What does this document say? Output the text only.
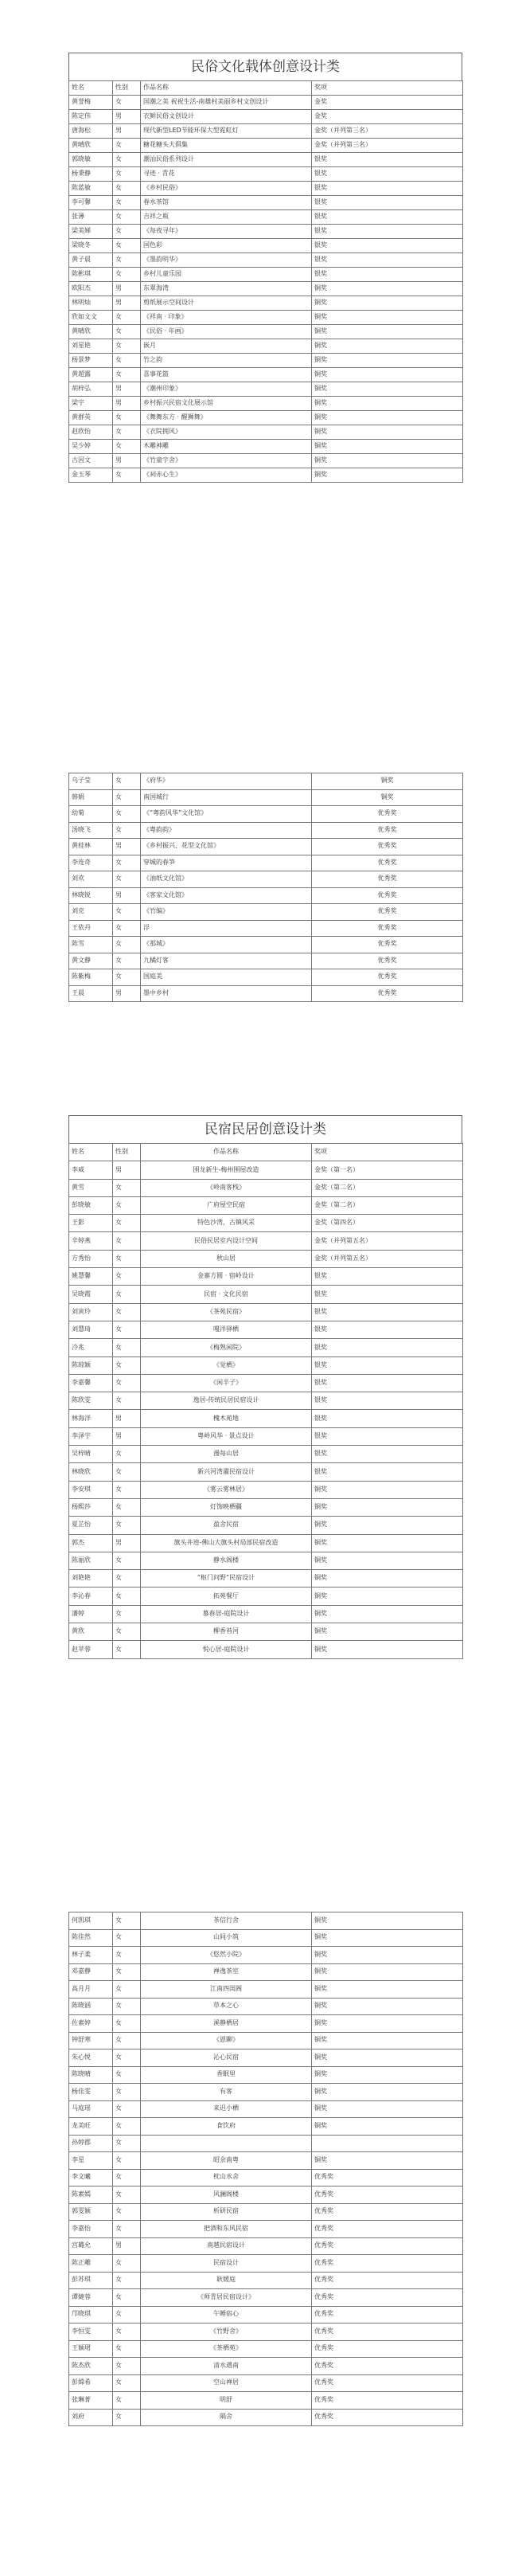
民俗文化载体创意设计类
姓名	性别	作品名称	奖项
黄誉梅	女	国潮之美 祝祝生活-南雄村美丽乡村文创设计	金奖
陈定伟	男	衣鲜民俗文创设计	金奖
唐海松	男	现代新型LED节能环保大型霓虹灯	金奖（并列第三名）
黄晴欣	女	糖花糖头大俱集	金奖（并列第三名）
郭晓敏	女	潮汕民俗系列设计	银奖
杨秉静	女	寻迹 · 青花	银奖
陈蓝敏	女	《乡村民俗》	银奖
李可馨	女	春水茶馆	银奖
张薄	女	吉祥之瓶	银奖
梁美娣	女	《每夜寻年》	银奖
梁晓冬	女	国色彩	银奖
黄子晨	女	《墨韵明华》	银奖
陈彬琪	女	乡村儿童乐园	银奖
欧阳杰	男	东翠海湾	铜奖
林明灿	男	剪纸展示空间设计	铜奖
欣如文文	女	《祥南 · 印象》	铜奖
黄晴欣	女	《民俗 · 年画》	铜奖
刘星艳	女	嵌月	铜奖
杨景梦	女	竹之韵	铜奖
黄超露	女	喜事花篮	铜奖
胡梓弘	男	《潮州印象》	铜奖
梁宇	男	乡村振兴民宿文化展示馆	铜奖
黄群英	女	《舞舞东方 · 醒狮舞》	铜奖
赵欣怡	女	《衣院拥风》	铜奖
吴少婷	女	木雕神雕	铜奖
古因文	男	《竹童宇舍》	铜奖
金玉琴	女	《祠赤心生》	铜奖
乌子莹	女	《府华》	铜奖
韩娟	女	南国城行	铜奖
幼菊	女	《“粤韵风华”文化馆》	优秀奖
汤晓飞	女	《粤韵韵》	优秀奖
黄桂林	男	《乡村振兴、花型文化馆》	优秀奖
李连奇	女	穿城的春笋	优秀奖
刘欢	女	《油纸文化馆》	优秀奖
林晓锐	男	《客家文化馆》	优秀奖
刘克	女	《竹编》	优秀奖
王依丹	女	浮	优秀奖
陈雪	女	《那城》	优秀奖
黄文静	女	九橘灯客	优秀奖
陈紫梅	女	国庭美	优秀奖
王晨	男	墨中乡村	优秀奖
民宿民居创意设计类
姓名	性别	作品名称	奖项
李威	男	围龙新生-梅州围屋改造	金奖（第一名）
黄雪	女	《岭南客栈》	金奖（第二名）
彭晓敏	女	广府屋空民宿	金奖（第二名）
王影	女	特色沙湾，古镇风采	金奖（第四名）
辛婷燕	女	民俗民居室内设计空间	金奖（并列第五名）
方秀怡	女	秋山居	金奖（并列第五名）
姚慧馨	女	金寨方圆 · 宿岭设计	银奖
吴晓霞	女	民宿 · 文化民宿	银奖
刘寅玲	女	《茶苑民宿》	银奖
刘慧琦	女	嘎洋驿栖	银奖
冷兆	女	《梅熟闲院》	银奖
陈琼颖	女	《觉栖》	银奖
李嘉馨	女	《闲半子》	银奖
陈欣雯	女	逸居-传统民居民宿设计	银奖
林海洋	男	槐木苑地	银奖
李泽宇	男	粤岭风华 · 景点设计	银奖
吴梓晴	女	漫每山居	银奖
林晓欣	女	新兴河湾濯民宿设计	银奖
李安琪	女	《雾云雾林居》	铜奖
杨熙莎	女	灯饰映栖疆	铜奖
夏芷怡	女	盈舍民宿	铜奖
郭杰	男	旗头井迹-佛山大旗头村局部民宿改造	铜奖
陈丽欣	女	静水阁楼	铜奖
刘艳艳	女	“枢门问野”民宿设计	铜奖
李沁春	女	拓苑餐厅	铜奖
潘婷	女	慕春居-庭院设计	铜奖
黄欣	女	柳香苔河	铜奖
赵苹蓉	女	悦心居-庭院设计	铜奖
何凯琪	女	茶信行舍	铜奖
陈佳然	女	山间小筑	铜奖
林子柔	女	《悠然小院》	铜奖
邓嘉静	女	禅逸茶室	铜奖
高月月	女	江南四闺阁	铜奖
陈晓涵	女	草本之心	铜奖
佐素婷	女	溪静栖居	铜奖
钟舒寒	女	《恩聊》	铜奖
朱心悦	女	沁心民宿	铜奖
陈晓晴	女	香眠里	铜奖
杨佳雯	女	有客	铜奖
马庭瑶	女	来迟小栖	铜奖
龙美旺	女	食饮府	铜奖
孙婷郡	女		
李星	女	昭余南粤	铜奖
李文曦	女	枕山水舍	优秀奖
陈素嫣	女	风澜阁楼	优秀奖
郭雯颖	女	析研民宿	优秀奖
李嘉怡	女	把酒和东风民宿	优秀奖
宫璐允	男	南越民宿设计	优秀奖
陈正雕	女	民宿设计	优秀奖
彭苏琪	女	耿媛庭	优秀奖
谭婕蓉	女	《师青居民宿设计》	优秀奖
邝晓琪	女	午睡宿心	优秀奖
李恒雯	女	《竹野舍》	优秀奖
王颖珺	女	《茶栖苑》	优秀奖
陈杰欣	女	清水遇南	优秀奖
彭嫦希	女	空山禅居	优秀奖
张琳菁	女	明舒	优秀奖
刘府	女	隔舍	优秀奖
